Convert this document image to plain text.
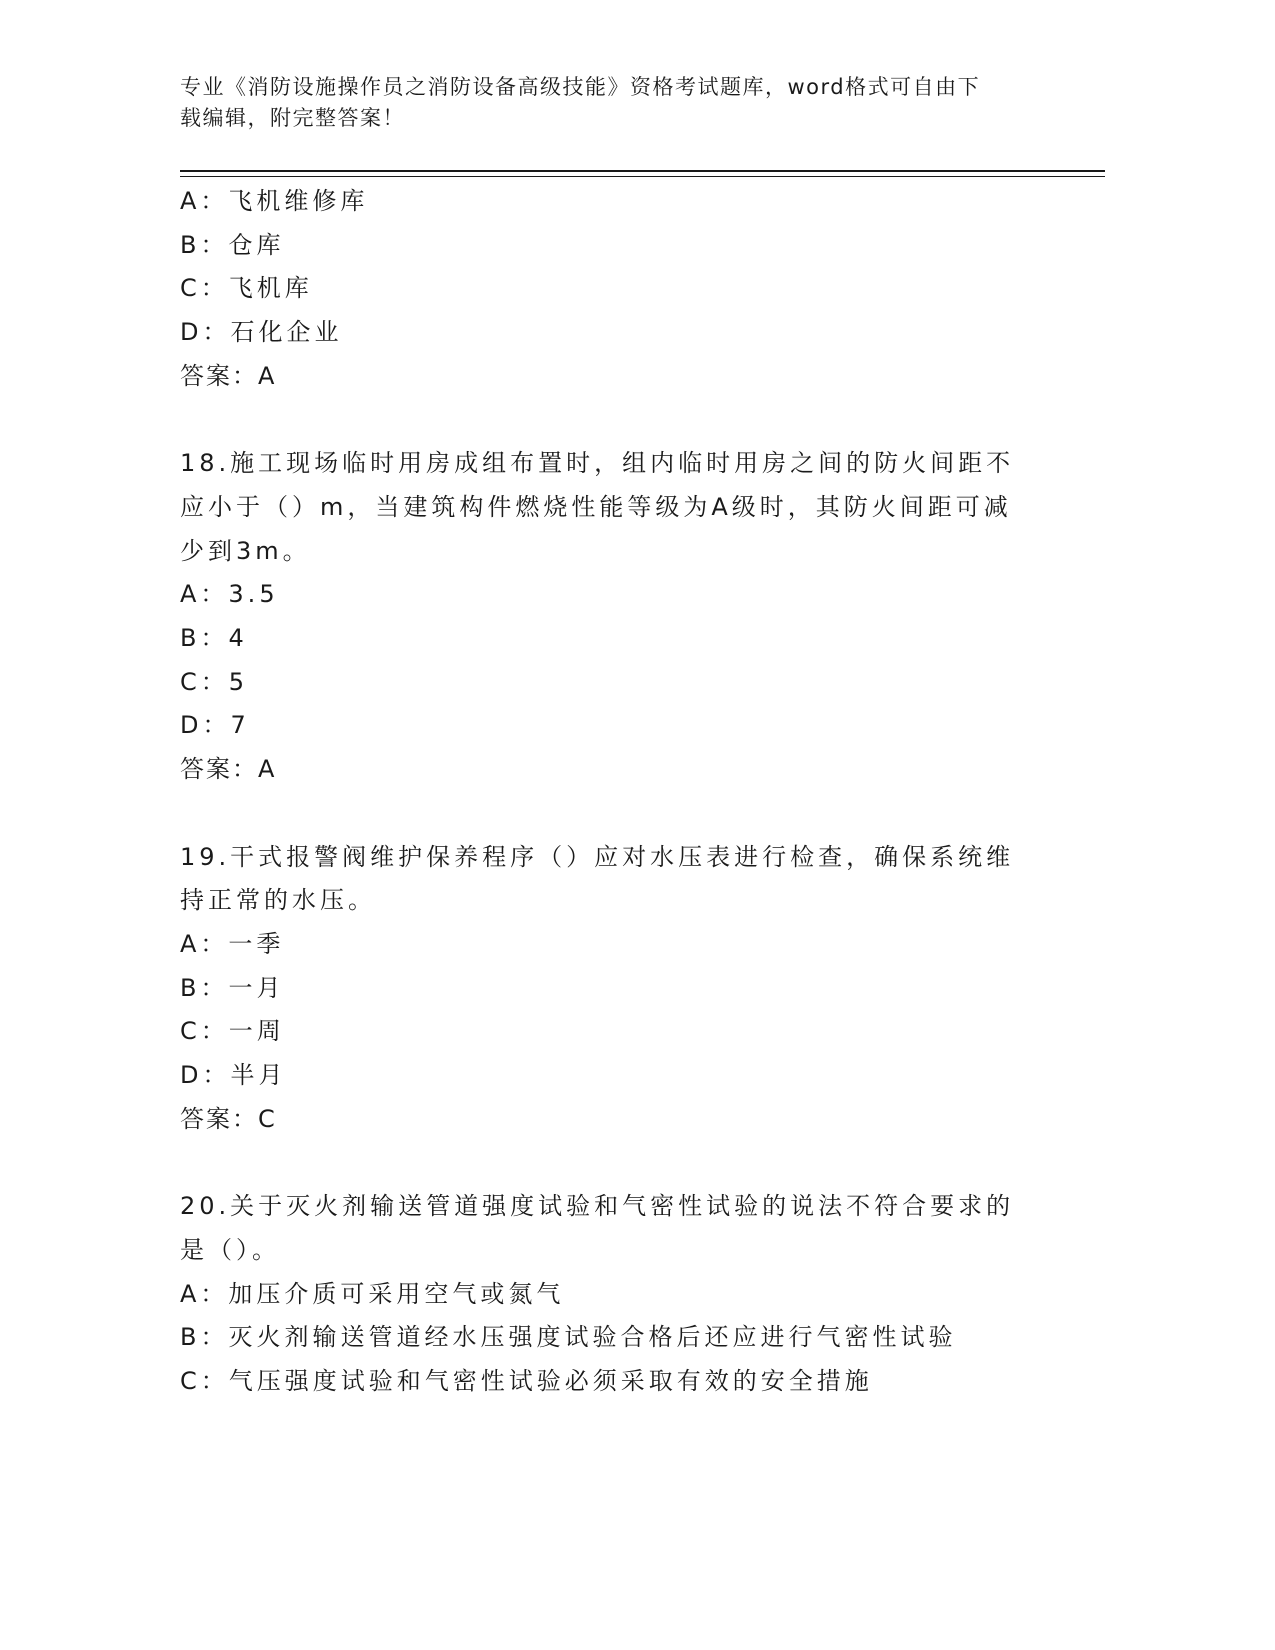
专业《消防设施操作员之消防设备高级技能》资格考试题库，word格式可自由下
载编辑，附完整答案！
A：飞机维修库
B：仓库
C：飞机库
D：石化企业
答案：A
18.施工现场临时用房成组布置时，组内临时用房之间的防火间距不应小于（）m，当建筑构件燃烧性能等级为A级时，其防火间距可减少到3m。
A：3.5
B：4
C：5
D：7
答案：A
19.干式报警阀维护保养程序（）应对水压表进行检查，确保系统维持正常的水压。
A：一季
B：一月
C：一周
D：半月
答案：C
20.关于灭火剂输送管道强度试验和气密性试验的说法不符合要求的是（）。
A：加压介质可采用空气或氮气
B：灭火剂输送管道经水压强度试验合格后还应进行气密性试验
C：气压强度试验和气密性试验必须采取有效的安全措施
